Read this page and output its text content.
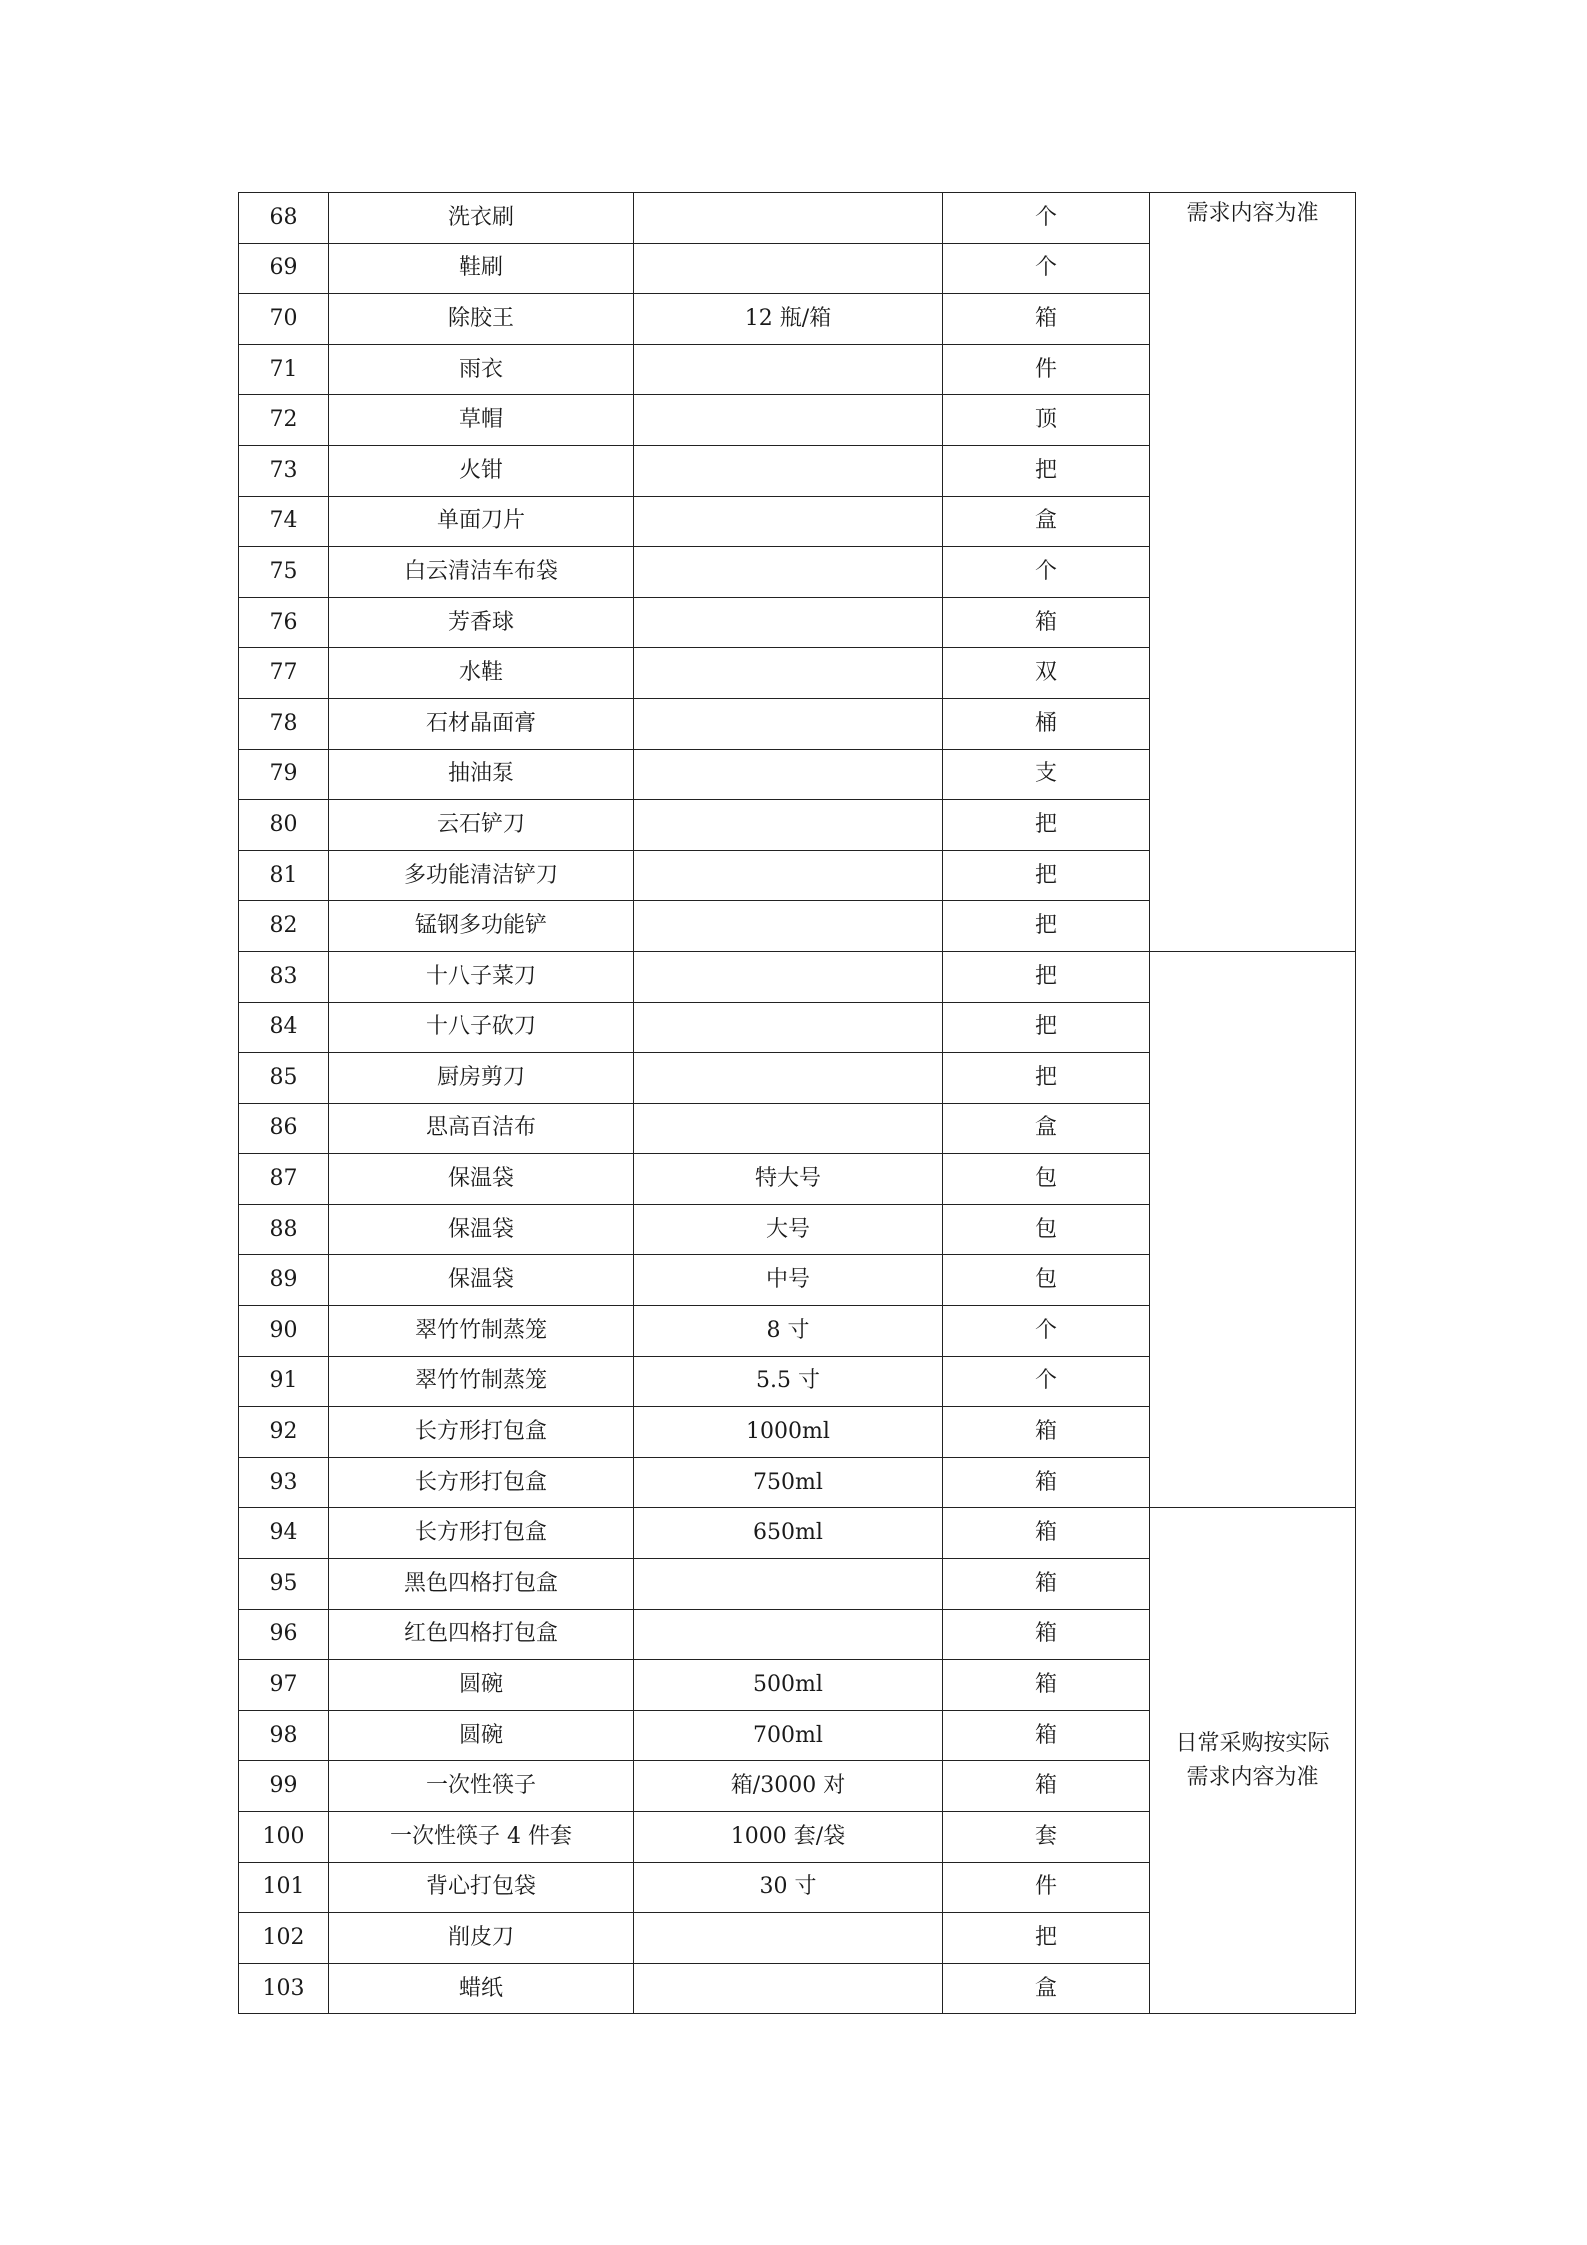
68	洗衣刷		个	需求内容为准

69	鞋刷		个	
70	除胶王	12 瓶/箱	箱	
71	雨衣		件	
72	草帽		顶	
73	火钳		把	
74	单面刀片		盒	
75	白云清洁车布袋		个	
76	芳香球		箱	
77	水鞋		双	
78	石材晶面膏		桶	
79	抽油泵		支	
80	云石铲刀		把	
81	多功能清洁铲刀		把	
82	锰钢多功能铲		把	
83	十八子菜刀		把	

84	十八子砍刀		把	
85	厨房剪刀		把	
86	思高百洁布		盒	
87	保温袋	特大号	包	
88	保温袋	大号	包	
89	保温袋	中号	包	
90	翠竹竹制蒸笼	8 寸	个	
91	翠竹竹制蒸笼	5.5 寸	个	
92	长方形打包盒	1000ml	箱	
93	长方形打包盒	750ml	箱	
94	长方形打包盒	650ml	箱	日常采购按实际
需求内容为准

95	黑色四格打包盒		箱	
96	红色四格打包盒		箱	
97	圆碗	500ml	箱	
98	圆碗	700ml	箱	
99	一次性筷子	箱/3000 对	箱	
100	一次性筷子 4 件套	1000 套/袋	套	
101	背心打包袋	30 寸	件	
102	削皮刀		把	
103	蜡纸		盒	
